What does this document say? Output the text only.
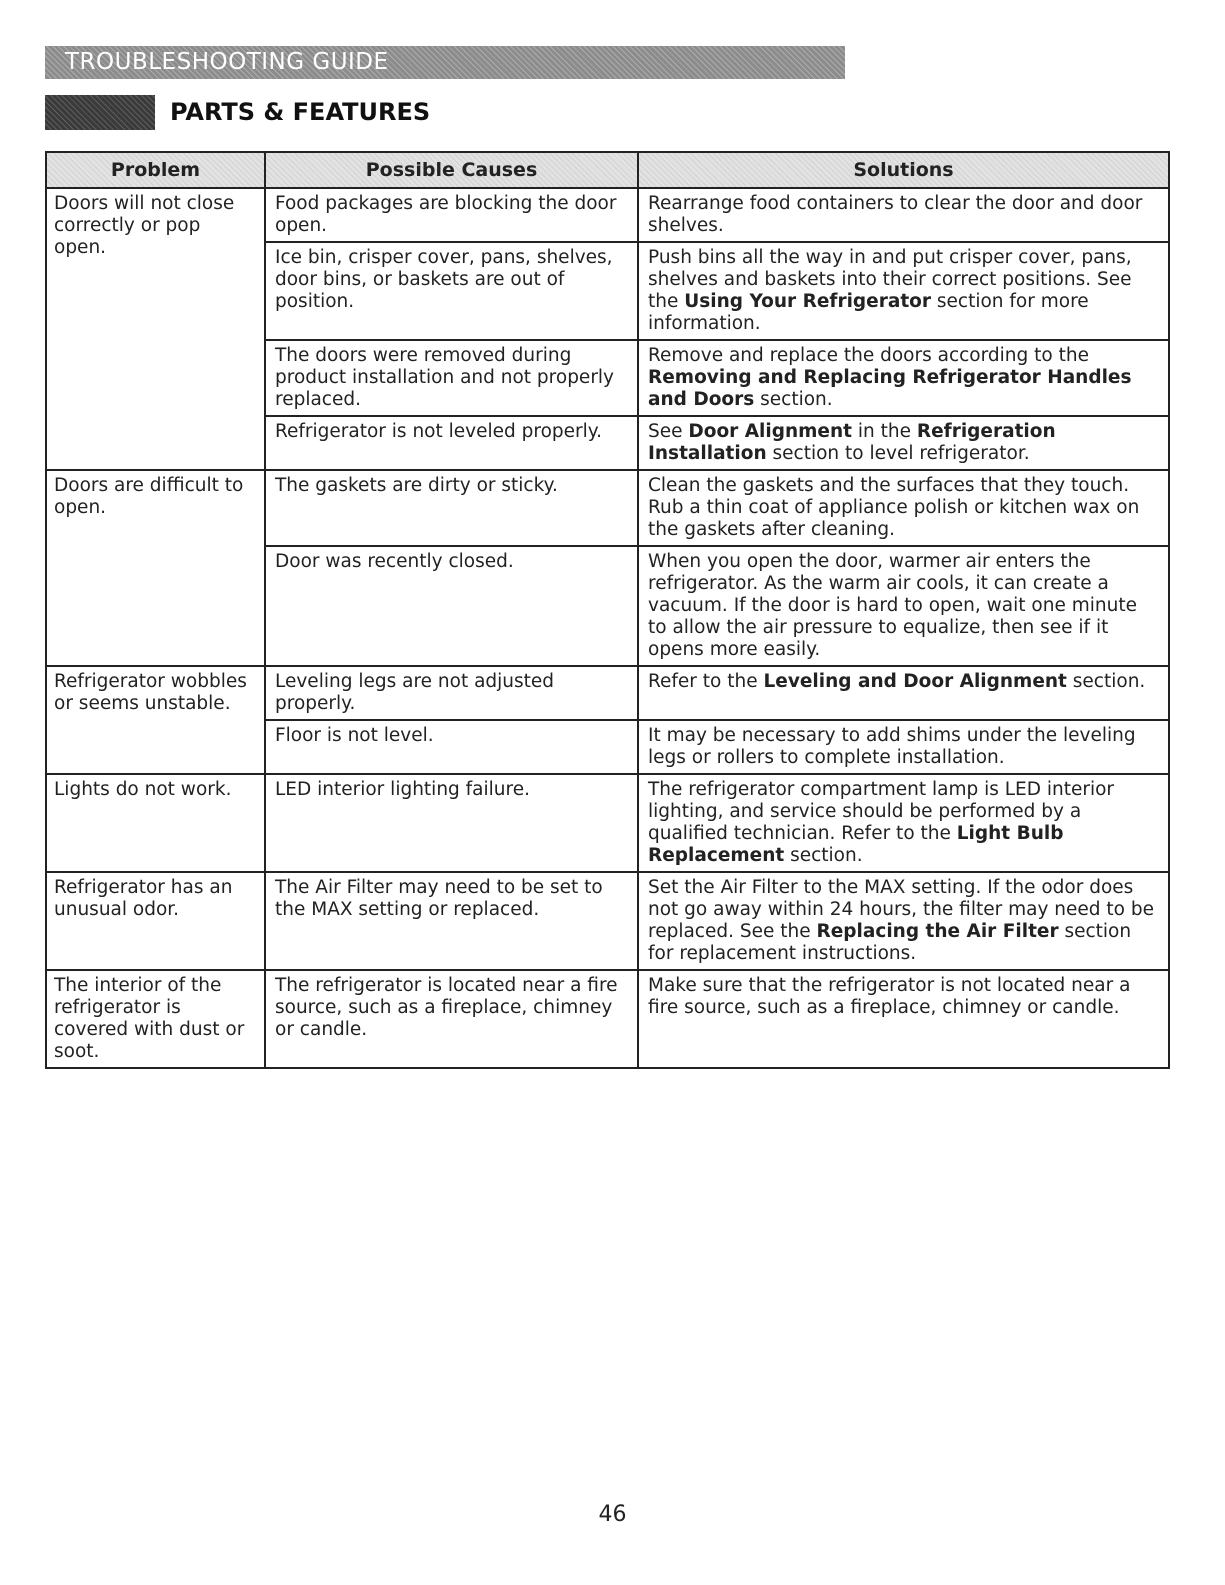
TROUBLESHOOTING GUIDE
PARTS & FEATURES
Problem	Possible Causes	Solutions
Doors will not close correctly or pop open.	Food packages are blocking the door open.	Rearrange food containers to clear the door and door shelves.
	Ice bin, crisper cover, pans, shelves, door bins, or baskets are out of position.	Push bins all the way in and put crisper cover, pans, shelves and baskets into their correct positions. See the Using Your Refrigerator section for more information.
	The doors were removed during product installation and not properly replaced.	Remove and replace the doors according to the Removing and Replacing Refrigerator Handles and Doors section.
	Refrigerator is not leveled properly.	See Door Alignment in the Refrigeration Installation section to level refrigerator.
Doors are difficult to open.	The gaskets are dirty or sticky.	Clean the gaskets and the surfaces that they touch. Rub a thin coat of appliance polish or kitchen wax on the gaskets after cleaning.
	Door was recently closed.	When you open the door, warmer air enters the refrigerator. As the warm air cools, it can create a vacuum. If the door is hard to open, wait one minute to allow the air pressure to equalize, then see if it opens more easily.
Refrigerator wobbles or seems unstable.	Leveling legs are not adjusted properly.	Refer to the Leveling and Door Alignment section.
	Floor is not level.	It may be necessary to add shims under the leveling legs or rollers to complete installation.
Lights do not work.	LED interior lighting failure.	The refrigerator compartment lamp is LED interior lighting, and service should be performed by a qualified technician. Refer to the Light Bulb Replacement section.
Refrigerator has an unusual odor.	The Air Filter may need to be set to the MAX setting or replaced.	Set the Air Filter to the MAX setting. If the odor does not go away within 24 hours, the filter may need to be replaced. See the Replacing the Air Filter section for replacement instructions.
The interior of the refrigerator is covered with dust or soot.	The refrigerator is located near a fire source, such as a fireplace, chimney or candle.	Make sure that the refrigerator is not located near a fire source, such as a fireplace, chimney or candle.
46
